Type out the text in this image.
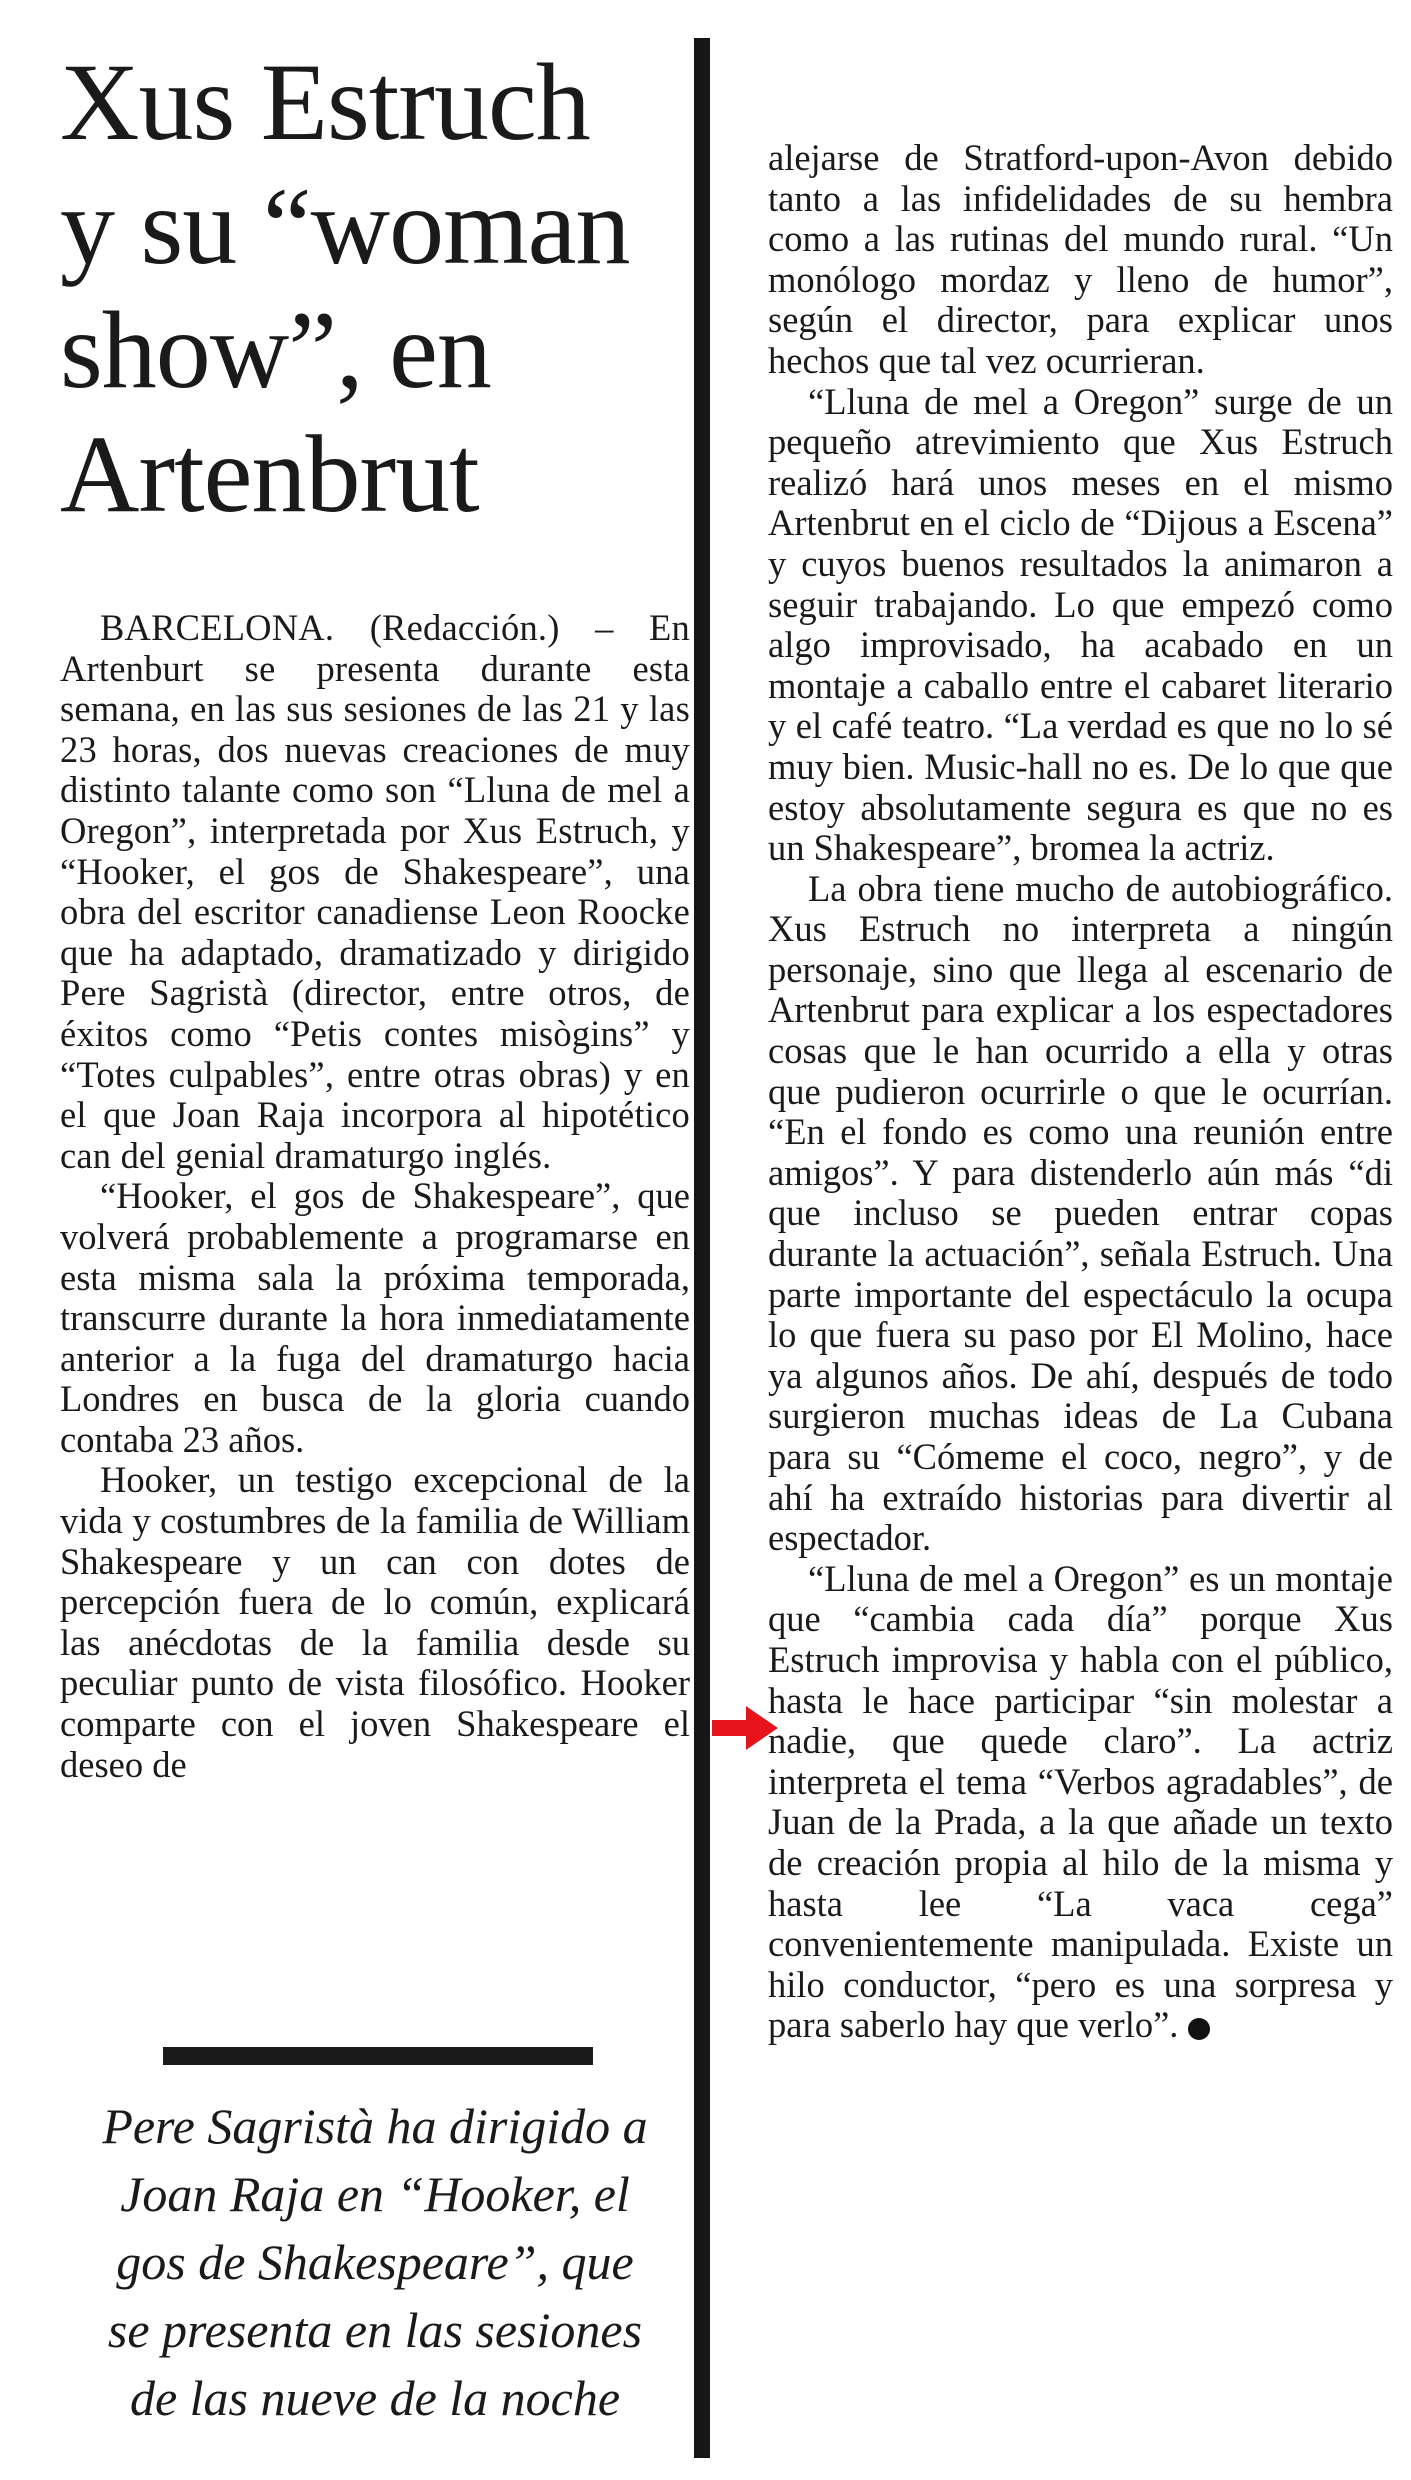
Xus Estruch
y su “woman
show”, en
Artenbrut

BARCELONA. (Redacción.) – En Artenburt se presenta durante esta semana, en las sus sesiones de las 21 y las 23 horas, dos nuevas creaciones de muy distinto talante como son “Lluna de mel a Oregon”, interpretada por Xus Estruch, y “Hooker, el gos de Shakespeare”, una obra del escritor canadiense Leon Roocke que ha adaptado, dramatizado y dirigido Pere Sagristà (director, entre otros, de éxitos como “Petis contes misògins” y “Totes culpables”, entre otras obras) y en el que Joan Raja incorpora al hipotético can del genial dramaturgo inglés.

“Hooker, el gos de Shakespeare”, que volverá probablemente a programarse en esta misma sala la próxima temporada, transcurre durante la hora inmediatamente anterior a la fuga del dramaturgo hacia Londres en busca de la gloria cuando contaba 23 años.

Hooker, un testigo excepcional de la vida y costumbres de la familia de William Shakespeare y un can con dotes de percepción fuera de lo común, explicará las anécdotas de la familia desde su peculiar punto de vista filosófico. Hooker comparte con el joven Shakespeare el deseo de

Pere Sagristà ha dirigido a
Joan Raja en “Hooker, el
gos de Shakespeare”, que
se presenta en las sesiones
de las nueve de la noche

alejarse de Stratford-upon-Avon debido tanto a las infidelidades de su hembra como a las rutinas del mundo rural. “Un monólogo mordaz y lleno de humor”, según el director, para explicar unos hechos que tal vez ocurrieran.

“Lluna de mel a Oregon” surge de un pequeño atrevimiento que Xus Estruch realizó hará unos meses en el mismo Artenbrut en el ciclo de “Dijous a Escena” y cuyos buenos resultados la animaron a seguir trabajando. Lo que empezó como algo improvisado, ha acabado en un montaje a caballo entre el cabaret literario y el café teatro. “La verdad es que no lo sé muy bien. Music-hall no es. De lo que que estoy absolutamente segura es que no es un Shakespeare”, bromea la actriz.

La obra tiene mucho de autobiográfico. Xus Estruch no interpreta a ningún personaje, sino que llega al escenario de Artenbrut para explicar a los espectadores cosas que le han ocurrido a ella y otras que pudieron ocurrirle o que le ocurrían. “En el fondo es como una reunión entre amigos”. Y para distenderlo aún más “di que incluso se pueden entrar copas durante la actuación”, señala Estruch. Una parte importante del espectáculo la ocupa lo que fuera su paso por El Molino, hace ya algunos años. De ahí, después de todo surgieron muchas ideas de La Cubana para su “Cómeme el coco, negro”, y de ahí ha extraído historias para divertir al espectador.

“Lluna de mel a Oregon” es un montaje que “cambia cada día” porque Xus Estruch improvisa y habla con el público, hasta le hace participar “sin molestar a nadie, que quede claro”. La actriz interpreta el tema “Verbos agradables”, de Juan de la Prada, a la que añade un texto de creación propia al hilo de la misma y hasta lee “La vaca cega” convenientemente manipulada. Existe un hilo conductor, “pero es una sorpresa y para saberlo hay que verlo”.
